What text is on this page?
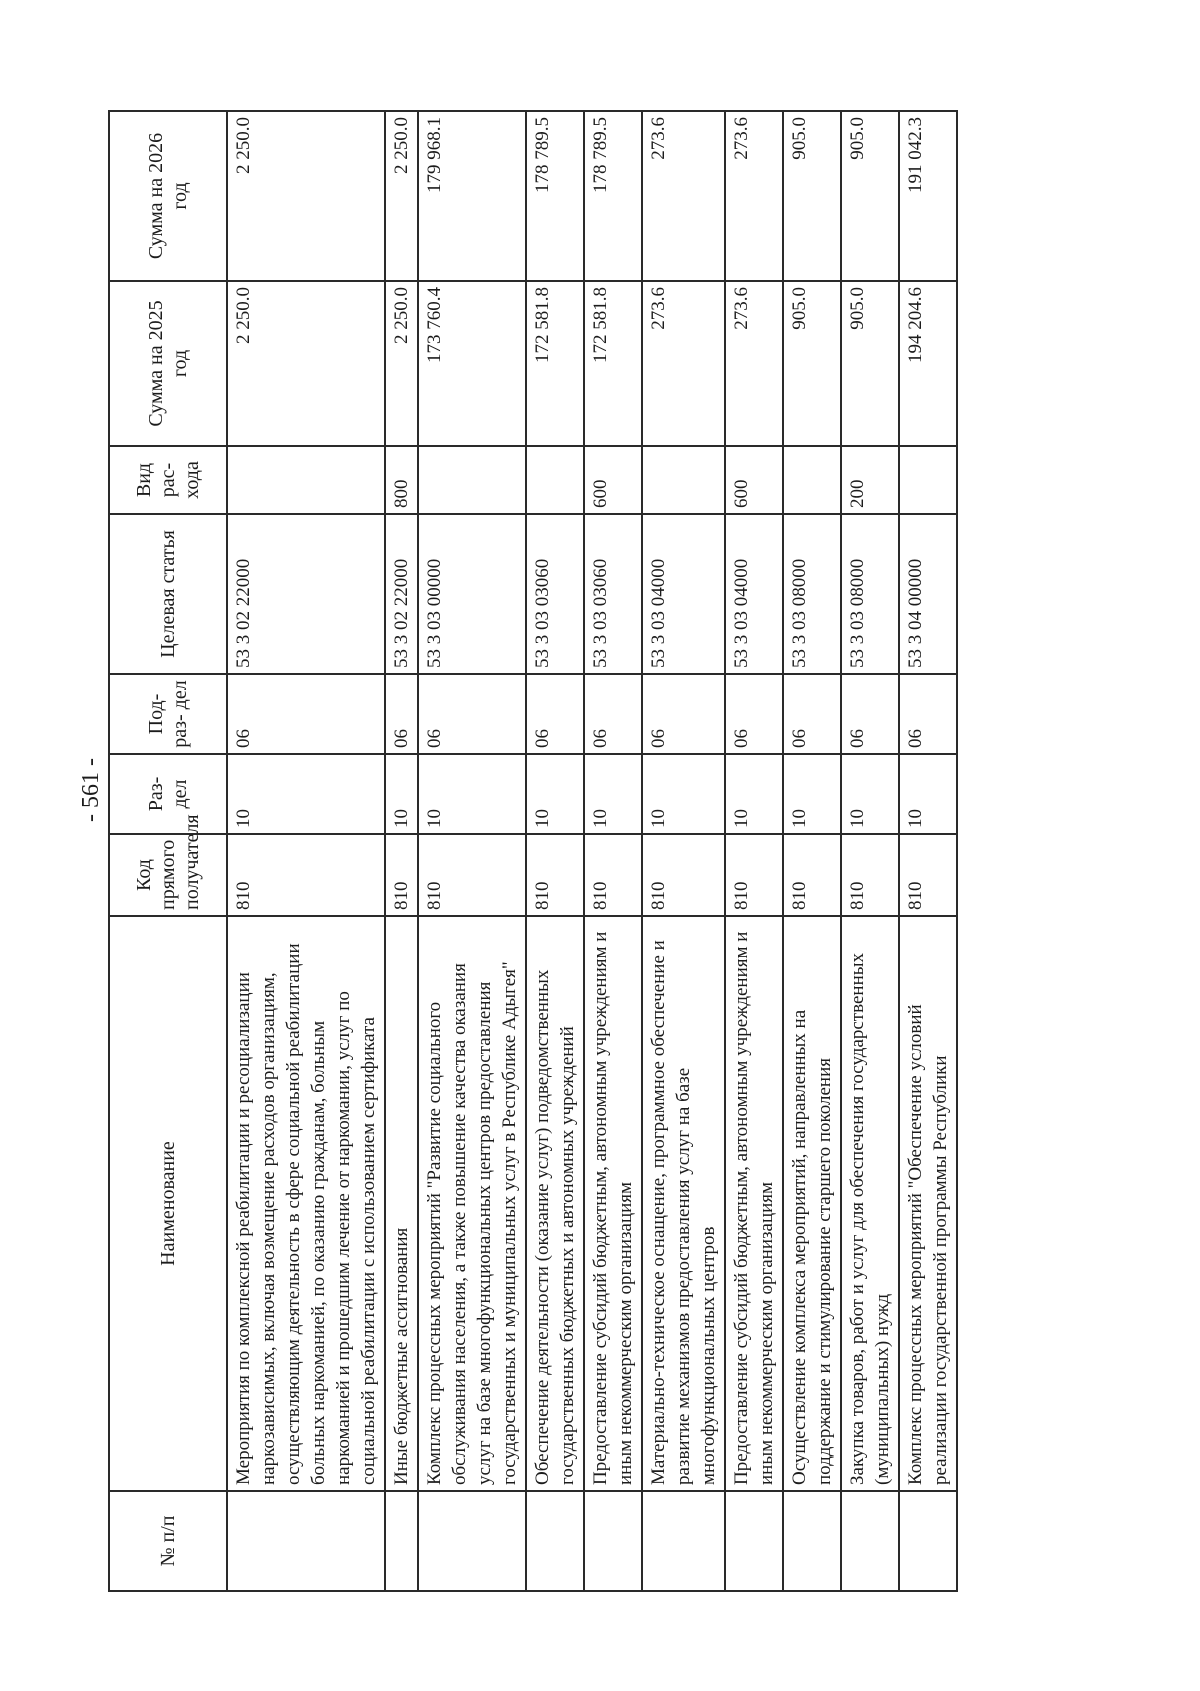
- 561 -
№ п/п	Наименование	Код прямого получателя	Раз- дел	Под- раз- дел	Целевая статья	Вид рас- хода	Сумма на 2025 год	Сумма на 2026 год
	Мероприятия по комплексной реабилитации и ресоциализации наркозависимых, включая возмещение расходов организациям, осуществляющим деятельность в сфере социальной реабилитации больных наркоманией, по оказанию гражданам, больным наркоманией и прошедшим лечение от наркомании, услуг по социальной реабилитации с использованием сертификата	810	10	06	53 3 02 22000		2 250.0	2 250.0
	Иные бюджетные ассигнования	810	10	06	53 3 02 22000	800	2 250.0	2 250.0
	Комплекс процессных мероприятий "Развитие социального обслуживания населения, а также повышение качества оказания услуг на базе многофункциональных центров предоставления государственных и муниципальных услуг в Республике Адыгея"	810	10	06	53 3 03 00000		173 760.4	179 968.1
	Обеспечение деятельности (оказание услуг) подведомственных государственных бюджетных и автономных учреждений	810	10	06	53 3 03 03060		172 581.8	178 789.5
	Предоставление субсидий бюджетным, автономным учреждениям и иным некоммерческим организациям	810	10	06	53 3 03 03060	600	172 581.8	178 789.5
	Материально-техническое оснащение, программное обеспечение и развитие механизмов предоставления услуг на базе многофункциональных центров	810	10	06	53 3 03 04000		273.6	273.6
	Предоставление субсидий бюджетным, автономным учреждениям и иным некоммерческим организациям	810	10	06	53 3 03 04000	600	273.6	273.6
	Осуществление комплекса мероприятий, направленных на поддержание и стимулирование старшего поколения	810	10	06	53 3 03 08000		905.0	905.0
	Закупка товаров, работ и услуг для обеспечения государственных (муниципальных) нужд	810	10	06	53 3 03 08000	200	905.0	905.0
	Комплекс процессных мероприятий "Обеспечение условий реализации государственной программы Республики	810	10	06	53 3 04 00000		194 204.6	191 042.3
